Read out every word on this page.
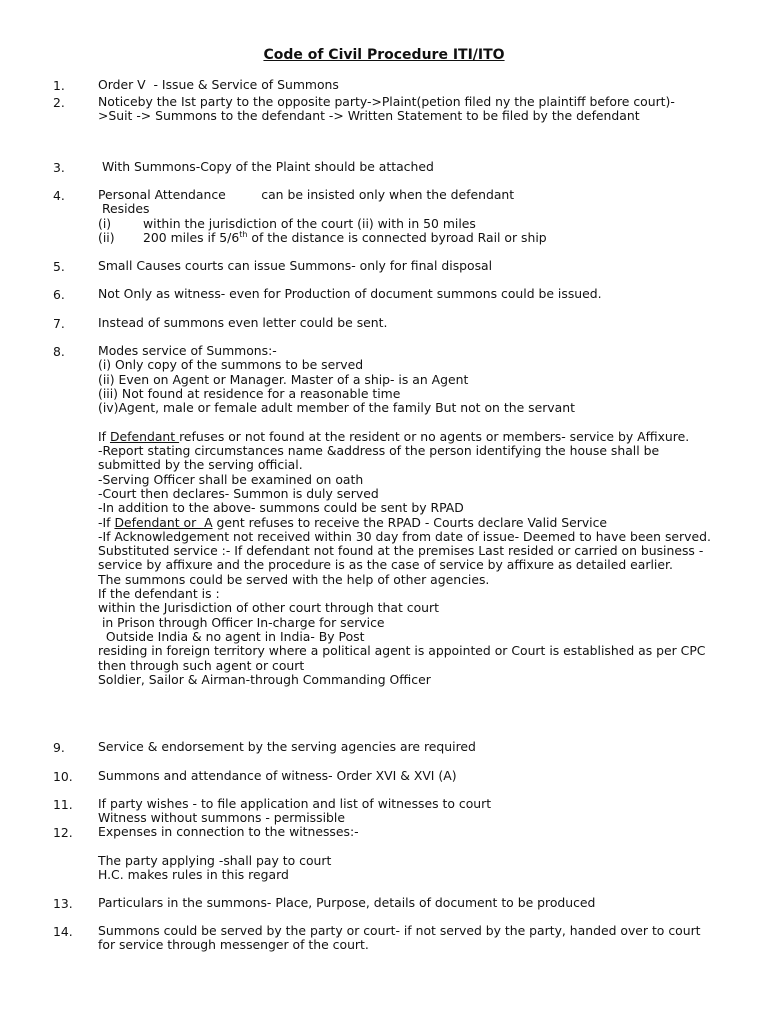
Code of Civil Procedure ITI/ITO
1.	Order V  - Issue & Service of Summons
2.	Noticeby the Ist party to the opposite party->Plaint(petion filed ny the plaintiff before court)- >Suit -> Summons to the defendant -> Written Statement to be filed by the defendant
3.	With Summons-Copy of the Plaint should be attached
4.	Personal Attendance         can be insisted only when the defendant
Resides
(i)	within the jurisdiction of the court (ii) with in 50 miles
(ii) 200 miles if 5/6th of the distance is connected byroad Rail or ship
5.	Small Causes courts can issue Summons- only for final disposal
6.	Not Only as witness- even for Production of document summons could be issued.
7.	Instead of summons even letter could be sent.
8.	Modes service of Summons:-
(i) Only copy of the summons to be served
(ii) Even on Agent or Manager. Master of a ship- is an Agent
(iii) Not found at residence for a reasonable time
(iv)Agent, male or female adult member of the family But not on the servant
If Defendant refuses or not found at the resident or no agents or members- service by Affixure.
-Report stating circumstances name &address of the person identifying the house shall be submitted by the serving official.
-Serving Officer shall be examined on oath
-Court then declares- Summon is duly served
-In addition to the above- summons could be sent by RPAD
-If Defendant or  A gent refuses to receive the RPAD - Courts declare Valid Service
-If Acknowledgement not received within 30 day from date of issue- Deemed to have been served.
Substituted service :- If defendant not found at the premises Last resided or carried on business - service by affixure and the procedure is as the case of service by affixure as detailed earlier.
The summons could be served with the help of other agencies.
If the defendant is :
within the Jurisdiction of other court through that court
in Prison through Officer In-charge for service
Outside India & no agent in India- By Post
residing in foreign territory where a political agent is appointed or Court is established as per CPC then through such agent or court
Soldier, Sailor & Airman-through Commanding Officer
9.	Service & endorsement by the serving agencies are required
10. Summons and attendance of witness- Order XVI & XVI (A)
11. If party wishes - to file application and list of witnesses to court
Witness without summons - permissible
12. Expenses in connection to the witnesses:-
The party applying -shall pay to court
H.C. makes rules in this regard
13. Particulars in the summons- Place, Purpose, details of document to be produced
14. Summons could be served by the party or court- if not served by the party, handed over to court for service through messenger of the court.
